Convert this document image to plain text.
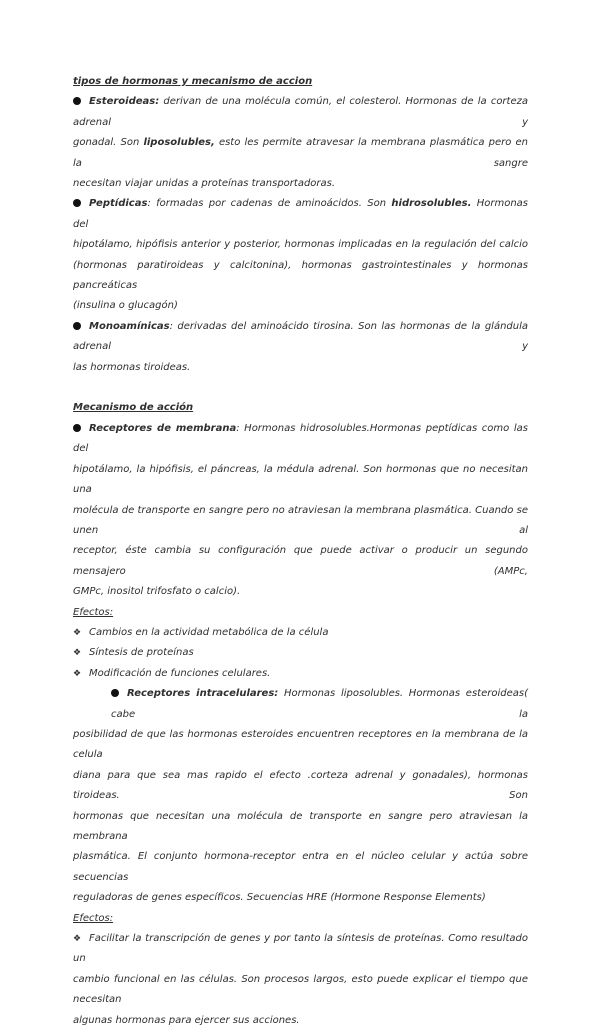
tipos de hormonas y mecanismo de accion
Esteroideas: derivan de una molécula común, el colesterol. Hormonas de la corteza adrenal y
gonadal. Son liposolubles, esto les permite atravesar la membrana plasmática pero en la sangre
necesitan viajar unidas a proteínas transportadoras.
Peptídicas: formadas por cadenas de aminoácidos. Son hidrosolubles. Hormonas del
hipotálamo, hipófisis anterior y posterior, hormonas implicadas en la regulación del calcio
(hormonas paratiroideas y calcitonina), hormonas gastrointestinales y hormonas pancreáticas
(insulina o glucagón)
Monoamínicas: derivadas del aminoácido tirosina. Son las hormonas de la glándula adrenal y
las hormonas tiroideas.
Mecanismo de acción
Receptores de membrana: Hormonas hidrosolubles.Hormonas peptídicas como las del
hipotálamo, la hipófisis, el páncreas, la médula adrenal. Son hormonas que no necesitan una
molécula de transporte en sangre pero no atraviesan la membrana plasmática. Cuando se unen al
receptor, éste cambia su configuración que puede activar o producir un segundo mensajero (AMPc,
GMPc, inositol trifosfato o calcio).
Efectos:
❖ Cambios en la actividad metabólica de la célula
❖ Síntesis de proteínas
❖ Modificación de funciones celulares.
Receptores intracelulares: Hormonas liposolubles. Hormonas esteroideas( cabe la
posibilidad de que las hormonas esteroides encuentren receptores en la membrana de la celula
diana para que sea mas rapido el efecto .corteza adrenal y gonadales), hormonas tiroideas. Son
hormonas que necesitan una molécula de transporte en sangre pero atraviesan la membrana
plasmática. El conjunto hormona-receptor entra en el núcleo celular y actúa sobre secuencias
reguladoras de genes específicos. Secuencias HRE (Hormone Response Elements)
Efectos:
❖ Facilitar la transcripción de genes y por tanto la síntesis de proteínas. Como resultado un
cambio funcional en las células. Son procesos largos, esto puede explicar el tiempo que necesitan
algunas hormonas para ejercer sus acciones.
